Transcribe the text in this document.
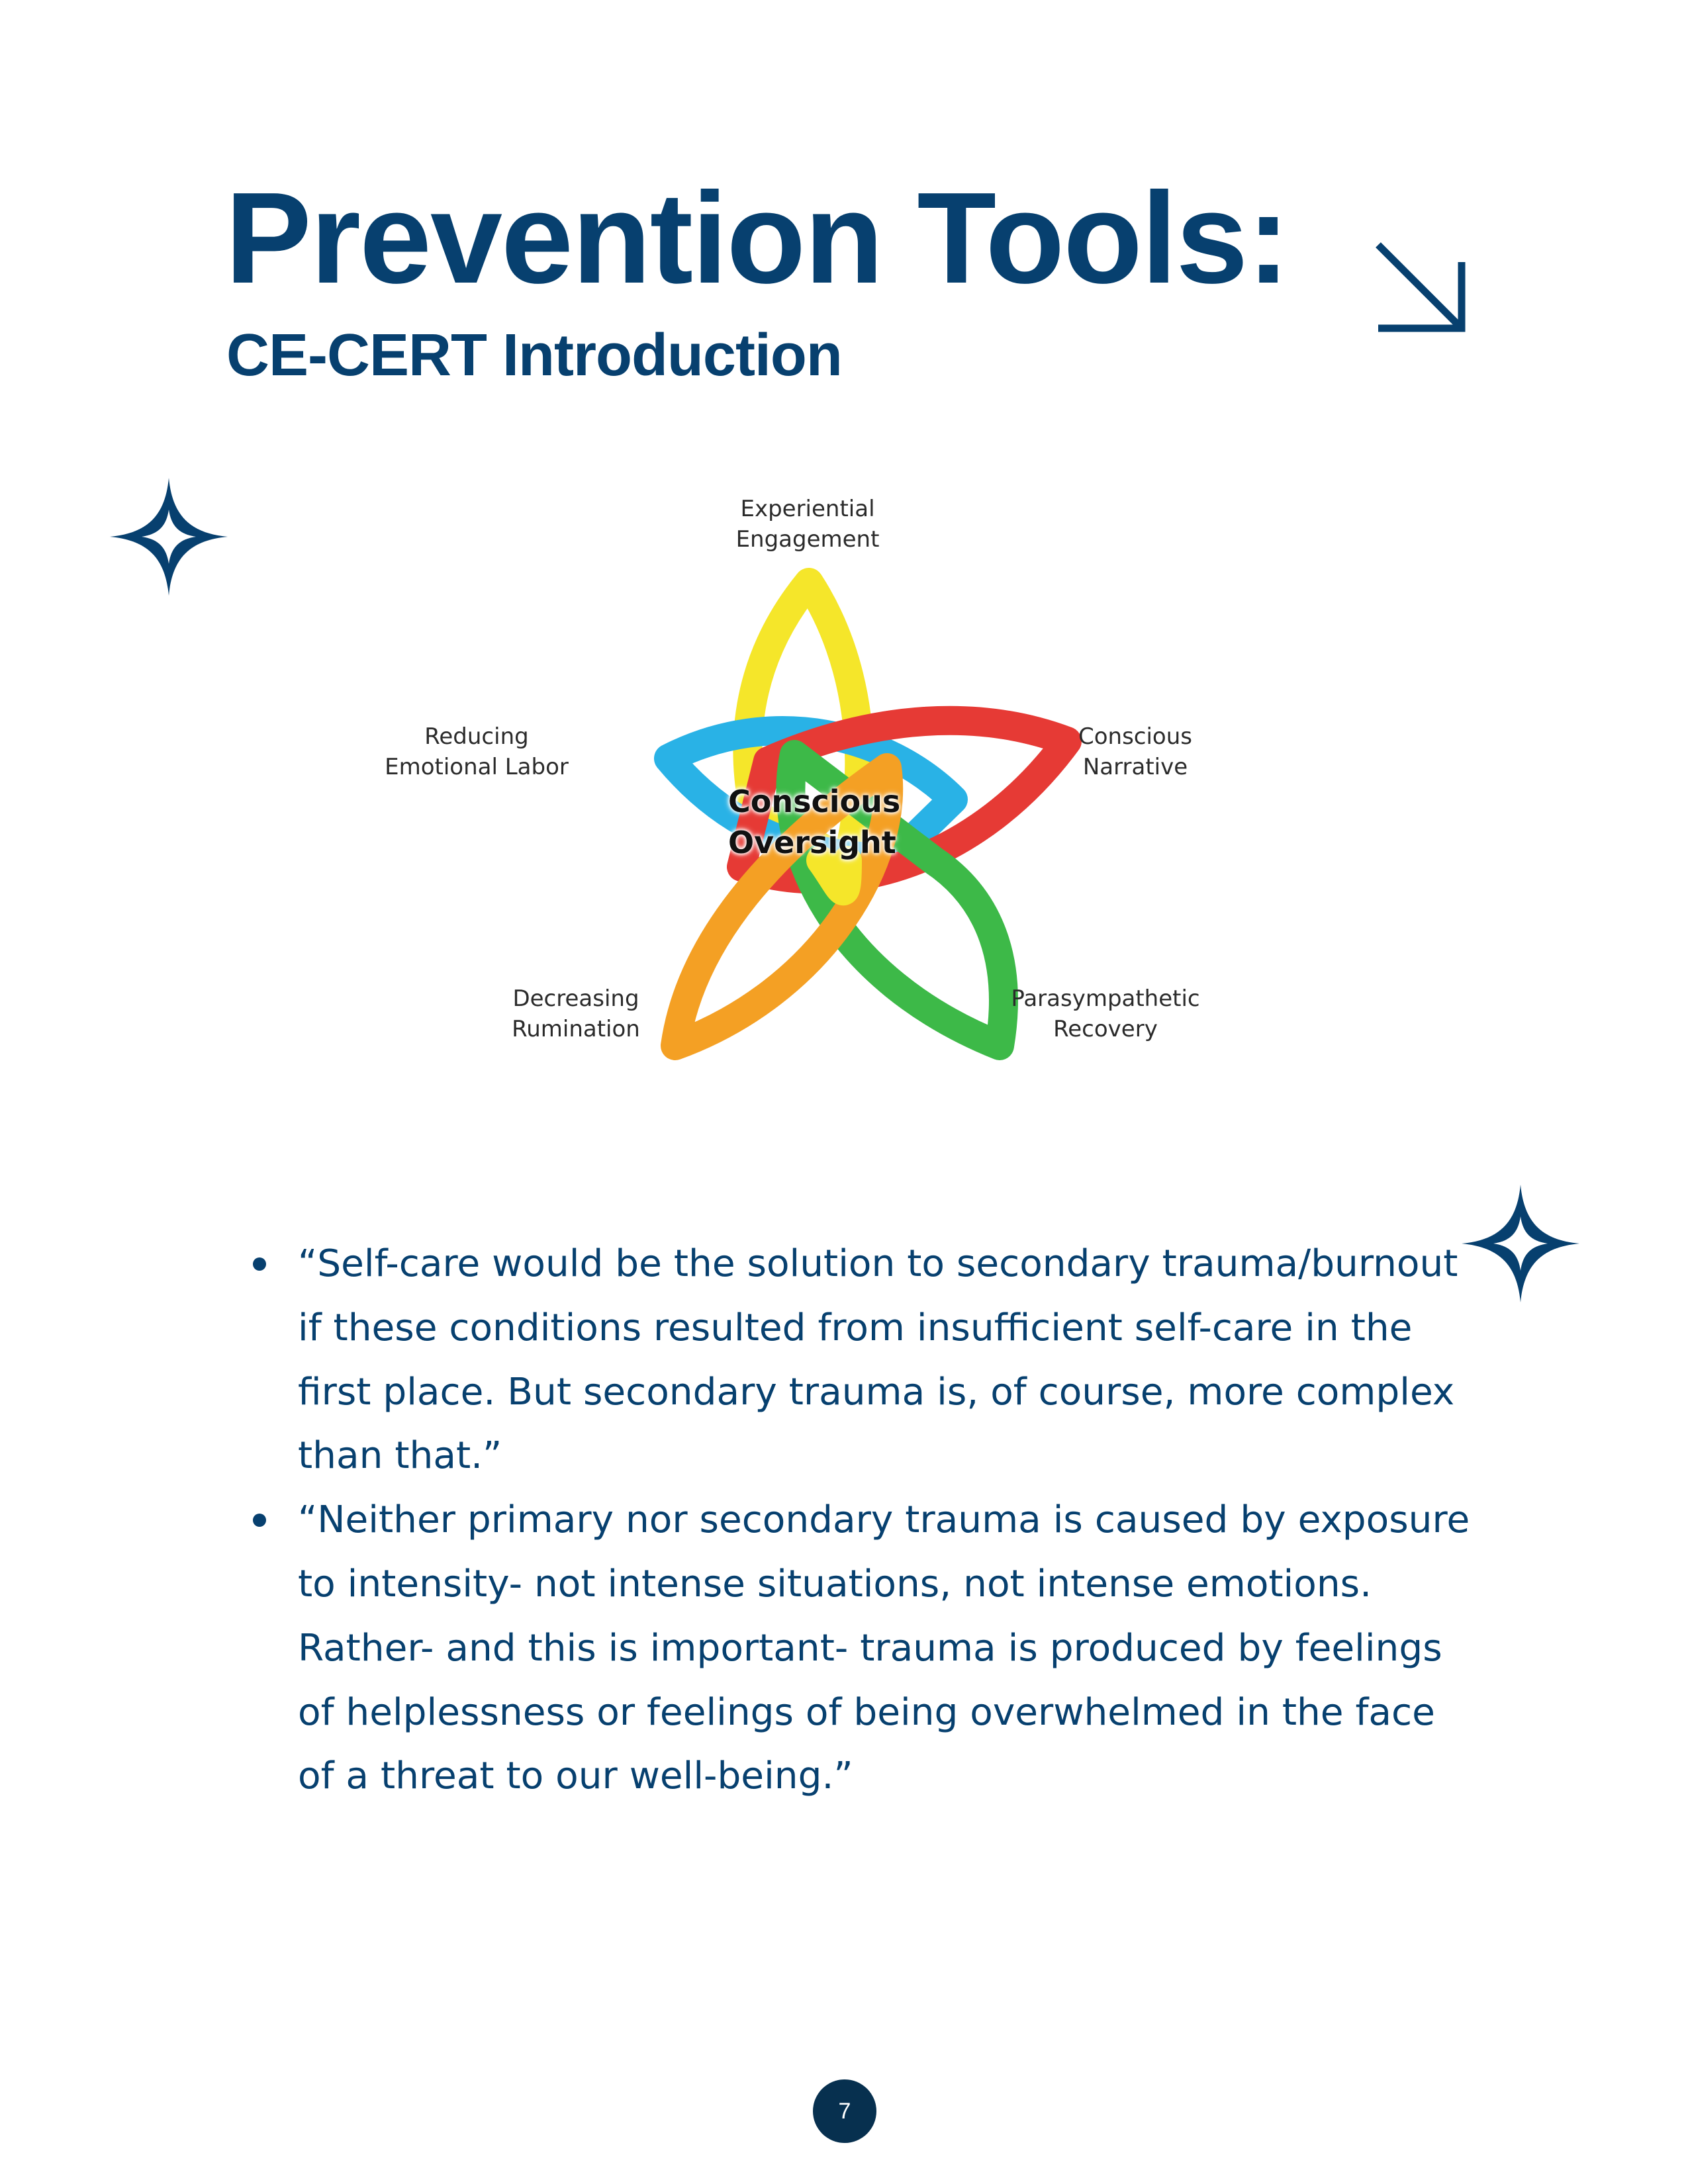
Prevention Tools:
CE-CERT Introduction
Experiential
Engagement
Conscious
Narrative
Parasympathetic
Recovery
Decreasing
Rumination
Reducing
Emotional Labor
Conscious
Oversight
“Self-care would be the solution to secondary trauma/burnout if these conditions resulted from insufficient self-care in the first place. But secondary trauma is, of course, more complex than that.”
“Neither primary nor secondary trauma is caused by exposure to intensity- not intense situations, not intense emotions. Rather- and this is important- trauma is produced by feelings of helplessness or feelings of being overwhelmed in the face of a threat to our well-being.”
7
